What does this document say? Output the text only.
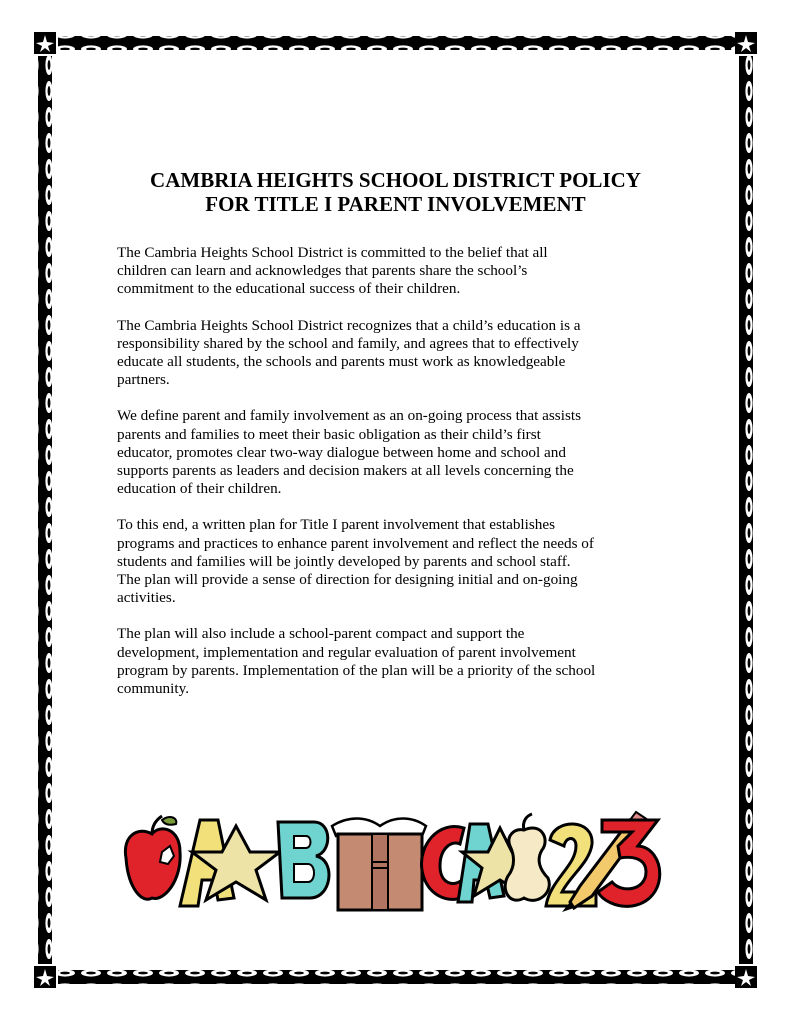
CAMBRIA HEIGHTS SCHOOL DISTRICT POLICY
FOR TITLE I PARENT INVOLVEMENT

The Cambria Heights School District is committed to the belief that all children can learn and acknowledges that parents share the school’s commitment to the educational success of their children.

The Cambria Heights School District recognizes that a child’s education is a responsibility shared by the school and family, and agrees that to effectively educate all students, the schools and parents must work as knowledgeable partners.

We define parent and family involvement as an on-going process that assists parents and families to meet their basic obligation as their child’s first educator, promotes clear two-way dialogue between home and school and supports parents as leaders and decision makers at all levels concerning the education of their children.

To this end, a written plan for Title I parent involvement that establishes programs and practices to enhance parent involvement and reflect the needs of students and families will be jointly developed by parents and school staff. The plan will provide a sense of direction for designing initial and on-going activities.

The plan will also include a school-parent compact and support the development, implementation and regular evaluation of parent involvement program by parents. Implementation of the plan will be a priority of the school community.
